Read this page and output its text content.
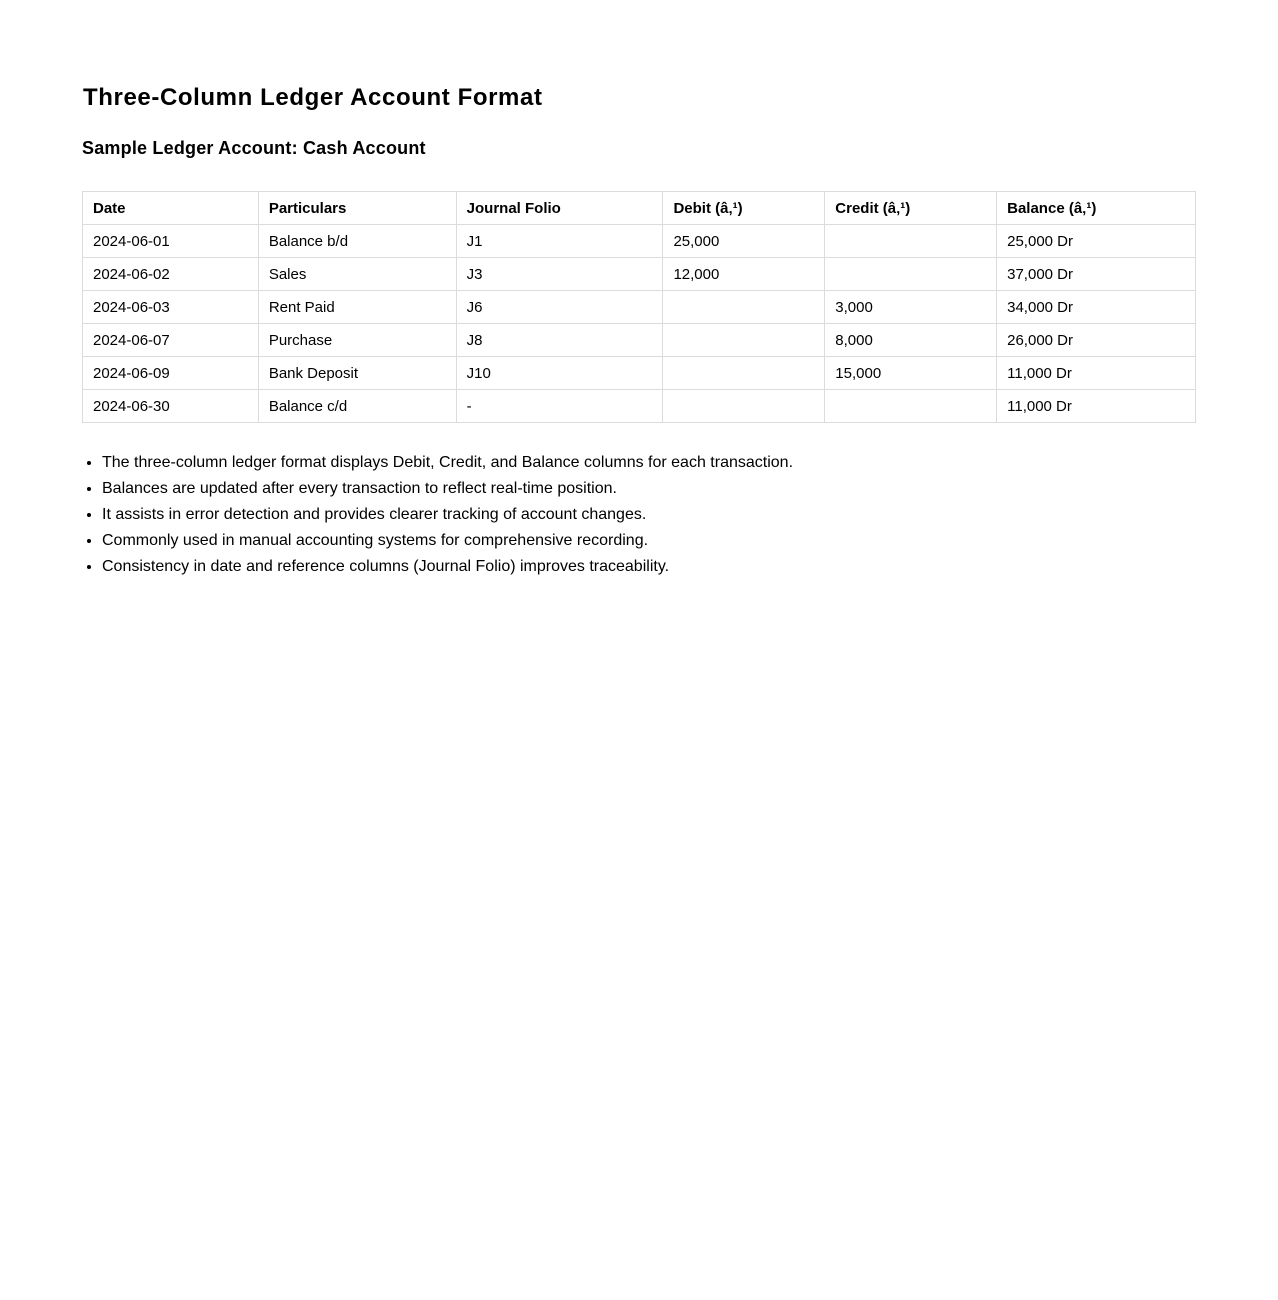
Three-Column Ledger Account Format
Sample Ledger Account: Cash Account
Date	Particulars	Journal Folio	Debit (â‚¹)	Credit (â‚¹)	Balance (â‚¹)
2024-06-01	Balance b/d	J1	25,000		25,000 Dr
2024-06-02	Sales	J3	12,000		37,000 Dr
2024-06-03	Rent Paid	J6		3,000	34,000 Dr
2024-06-07	Purchase	J8		8,000	26,000 Dr
2024-06-09	Bank Deposit	J10		15,000	11,000 Dr
2024-06-30	Balance c/d	-			11,000 Dr
• The three-column ledger format displays Debit, Credit, and Balance columns for each transaction.
• Balances are updated after every transaction to reflect real-time position.
• It assists in error detection and provides clearer tracking of account changes.
• Commonly used in manual accounting systems for comprehensive recording.
• Consistency in date and reference columns (Journal Folio) improves traceability.
